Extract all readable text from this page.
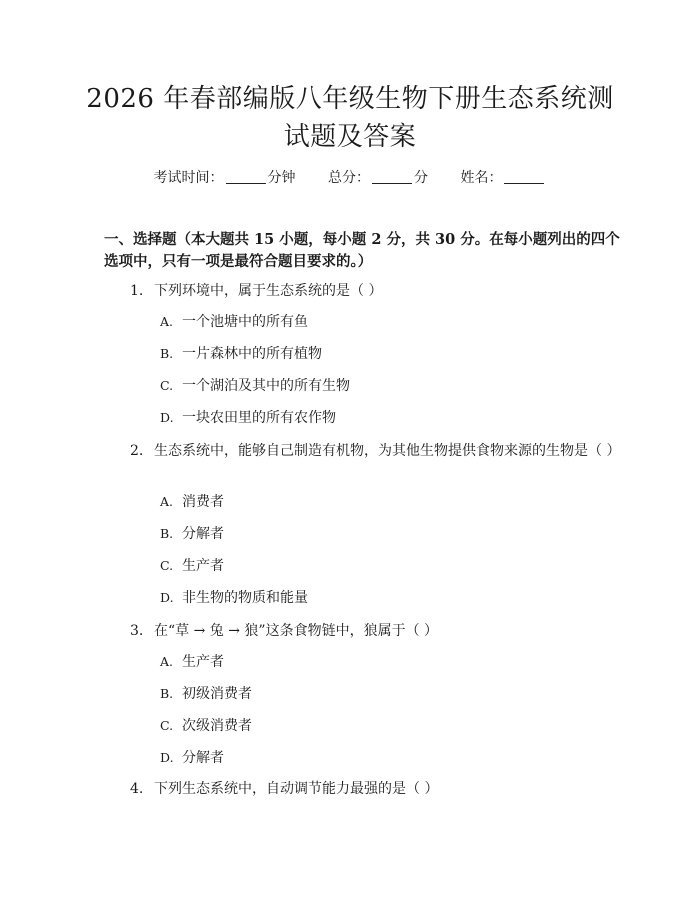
2026 年春部编版八年级生物下册生态系统测
试题及答案
考试时间：	分钟 总分：	分 姓名：
一、选择题（本大题共 15 小题，每小题 2 分，共 30 分。在每小题列出的四个选项中，只有一项是最符合题目要求的。）
1. 下列环境中，属于生态系统的是（ ）
A. 一个池塘中的所有鱼
B. 一片森林中的所有植物
C. 一个湖泊及其中的所有生物
D. 一块农田里的所有农作物
2. 生态系统中，能够自己制造有机物，为其他生物提供食物来源的生物是（ ）
A. 消费者
B. 分解者
C. 生产者
D. 非生物的物质和能量
3. 在“草 → 兔 → 狼”这条食物链中，狼属于（ ）
A. 生产者
B. 初级消费者
C. 次级消费者
D. 分解者
4. 下列生态系统中，自动调节能力最强的是（ ）
